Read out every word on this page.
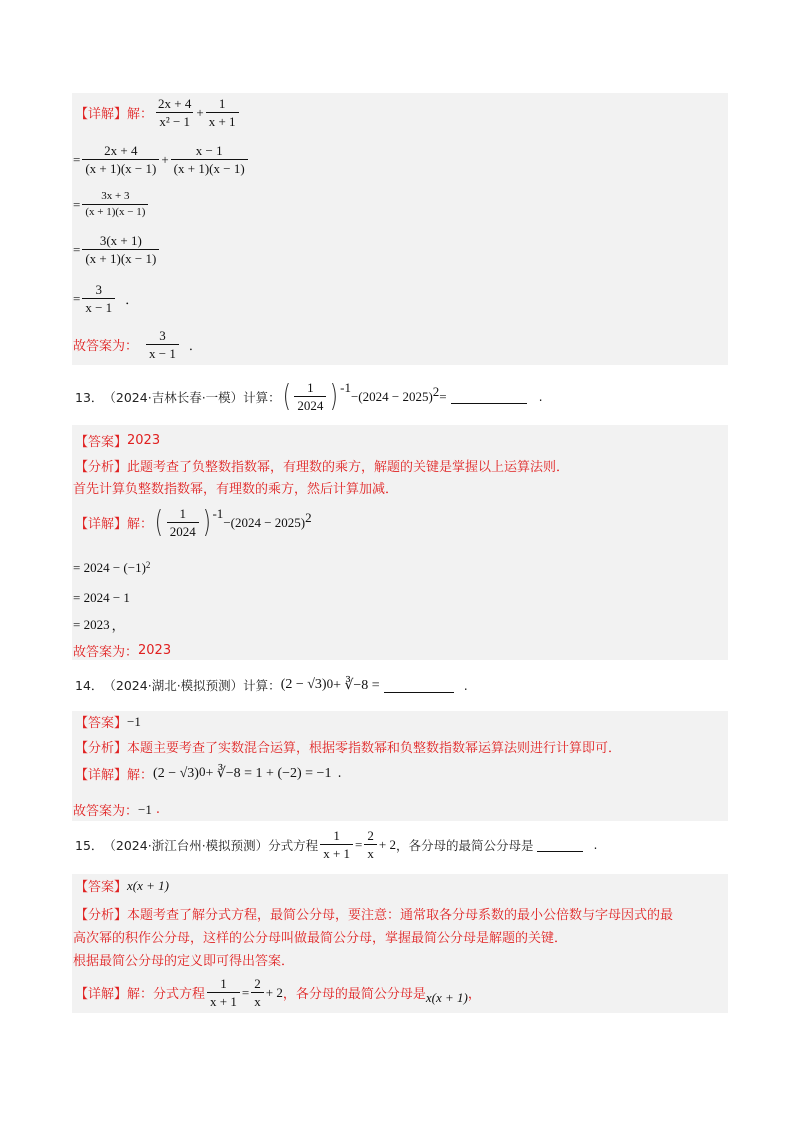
【详解】 解： $\frac{2x + 4}{\text{x² − 1}} + \frac{1}{x + 1}$
= $\frac{2x + 4}{(x + 1)(x - 1)} + \frac{x - 1}{(x + 1)(x - 1)}$
= $\frac{3x + 3}{(x + 1)(x - 1)}$
= $\frac{3(x + 1)}{(x + 1)(x - 1)}$
= $\frac{3}{x - 1}$ ．
故答案为： $\frac{3}{x - 1}$ ．
13． （2024·吉林长春·一模） 计算： ( $\frac{1}{2024}$ ) -1
−(2024 − 2025) 2 =	.
【答案】 2023
【分析】 此题考查了负整数指数幂，有理数的乘方，解题的关键是掌握以上运算法则．
首先计算负整数指数幂，有理数的乘方，然后计算加减．
【详解】 解： ( $\frac{1}{2024}$ ) -1
−(2024 − 2025) 2
= $2024 - (-1)^2$
= 2024 − 1
= 2023 ，
故答案为： 2023
14． （2024·湖北·模拟预测） 计算： (2 − √3) 0 + ∛−8 =	.
【答案】 −1
【分析】 本题主要考查了实数混合运算，根据零指数幂和负整数指数幂运算法则进行计算即可．
【详解】 解： (2 − √3) 0 + ∛−8 = 1 + (−2) = −1 .
故答案为： −1 .
15． （2024·浙江台州·模拟预测） 分式方程 $\frac{1}{x + 1} = \frac{2}{x} + 2$ ，各分母的最简公分母是	.
【答案】 x(x + 1)
【分析】 本题考查了解分式方程，最简公分母，要注意：通常取各分母系数的最小公倍数与字母因式的最
高次幂的积作公分母，这样的公分母叫做最简公分母，掌握最简公分母是解题的关键．
根据最简公分母的定义即可得出答案．
【详解】 解： 分式方程 $\frac{1}{x + 1} = \frac{2}{x} + 2$ ，各分母的最简公分母是 x(x + 1) ，
